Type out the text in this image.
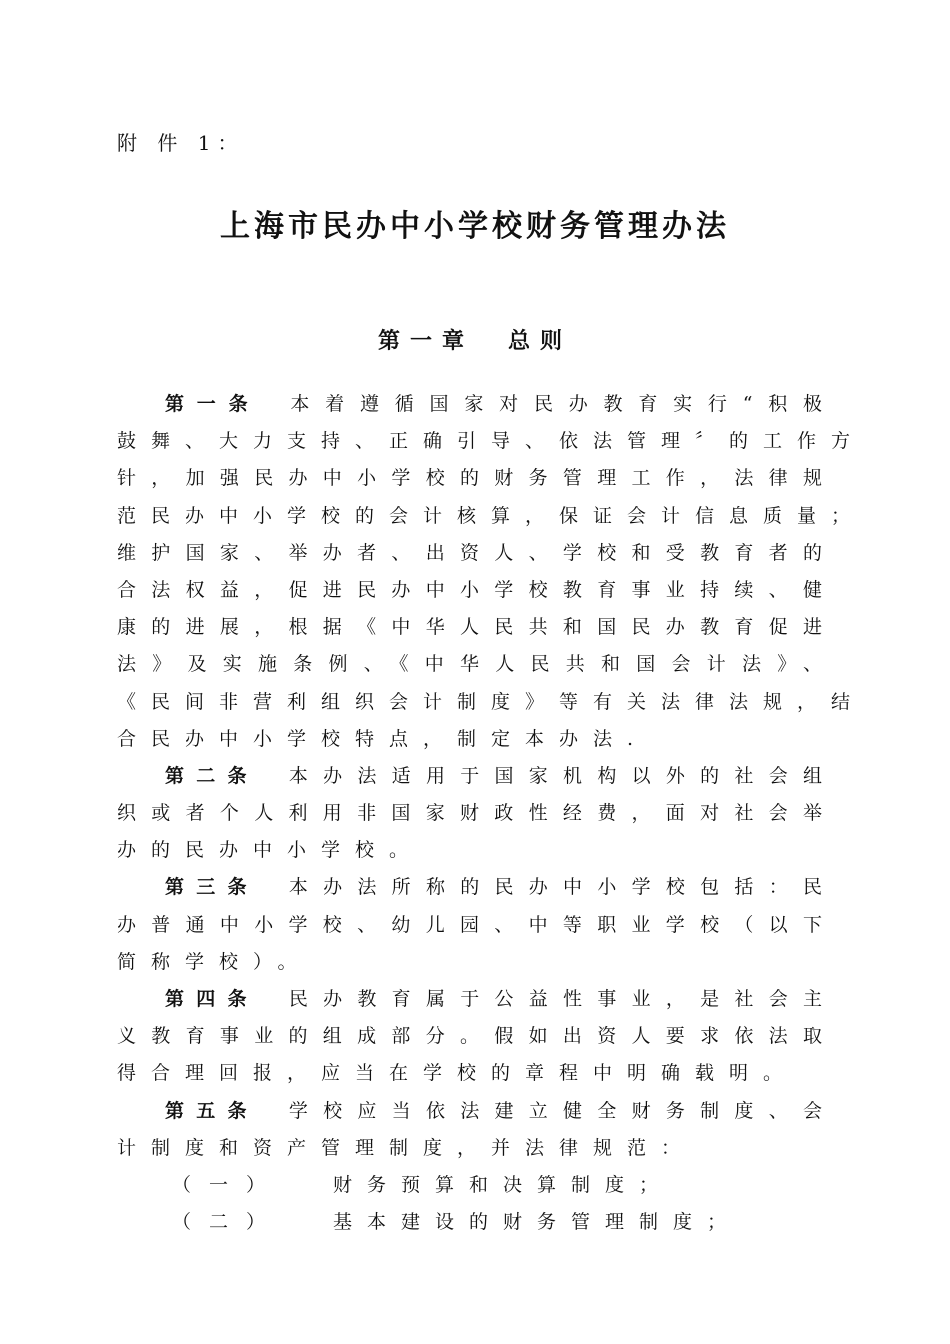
附 件 1：
上海市民办中小学校财务管理办法
第一章 总则
第一条 本着遵循国家对民办教育实行“积极
鼓舞、大力支持、正确引导、依法管理〞的工作方
针，加强民办中小学校的财务管理工作，法律规
范民办中小学校的会计核算，保证会计信息质量；
维护国家、举办者、出资人、学校和受教育者的
合法权益，促进民办中小学校教育事业持续、健
康的进展，根据《中华人民共和国民办教育促进
法》及实施条例、《中华人民共和国会计法》、
《民间非营利组织会计制度》等有关法律法规，结
合民办中小学校特点，制定本办法.
第二条 本办法适用于国家机构以外的社会组
织或者个人利用非国家财政性经费，面对社会举
办的民办中小学校。
第三条 本办法所称的民办中小学校包括：民
办普通中小学校、幼儿园、中等职业学校（以下
简称学校）。
第四条 民办教育属于公益性事业，是社会主
义教育事业的组成部分。假如出资人要求依法取
得合理回报，应当在学校的章程中明确载明。
第五条 学校应当依法建立健全财务制度、会
计制度和资产管理制度，并法律规范：
（一）	财务预算和决算制度；
（二）	基本建设的财务管理制度；
